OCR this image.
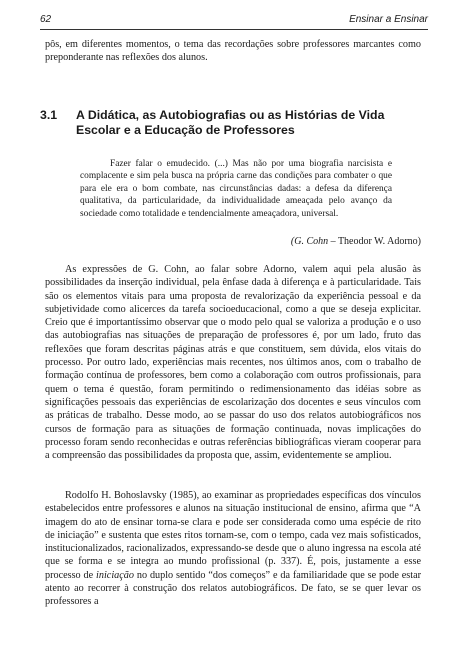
62	Ensinar a Ensinar

pôs, em diferentes momentos, o tema das recordações sobre professores marcantes como preponderante nas reflexões dos alunos.

3.1 A Didática, as Autobiografias ou as Histórias de Vida Escolar e a Educação de Professores

Fazer falar o emudecido. (...) Mas não por uma biografia narcisista e complacente e sim pela busca na própria carne das condições para combater o que para ele era o bom combate, nas circunstâncias dadas: a defesa da diferença qualitativa, da particularidade, da individualidade ameaçada pelo avanço da sociedade como totalidade e tendencialmente ameaçadora, universal.

(G. Cohn – Theodor W. Adorno)

As expressões de G. Cohn, ao falar sobre Adorno, valem aqui pela alusão às possibilidades da inserção individual, pela ênfase dada à diferença e à particularidade. Tais são os elementos vitais para uma proposta de revalorização da experiência pessoal e da subjetividade como alicerces da tarefa socioeducacional, como a que se deseja explicitar. Creio que é importantíssimo observar que o modo pelo qual se valoriza a produção e o uso das autobiografias nas situações de preparação de professores é, por um lado, fruto das reflexões que foram descritas páginas atrás e que constituem, sem dúvida, elos vitais do processo. Por outro lado, experiências mais recentes, nos últimos anos, com o trabalho de formação contínua de professores, bem como a colaboração com outros profissionais, para quem o tema é questão, foram permitindo o redimensionamento das idéias sobre as significações pessoais das experiências de escolarização dos docentes e seus vínculos com as práticas de trabalho. Desse modo, ao se passar do uso dos relatos autobiográficos nos cursos de formação para as situações de formação continuada, novas implicações do processo foram sendo reconhecidas e outras referências bibliográficas vieram cooperar para a compreensão das possibilidades da proposta que, assim, evidentemente se ampliou.

Rodolfo H. Bohoslavsky (1985), ao examinar as propriedades específicas dos vínculos estabelecidos entre professores e alunos na situação institucional de ensino, afirma que “A imagem do ato de ensinar torna-se clara e pode ser considerada como uma espécie de rito de iniciação” e sustenta que estes ritos tornam-se, com o tempo, cada vez mais sofisticados, institucionalizados, racionalizados, expressando-se desde que o aluno ingressa na escola até que se forma e se integra ao mundo profissional (p. 337). É, pois, justamente a esse processo de iniciação no duplo sentido “dos começos” e da familiaridade que se pode estar atento ao recorrer à construção dos relatos autobiográficos. De fato, se se quer levar os professores a
